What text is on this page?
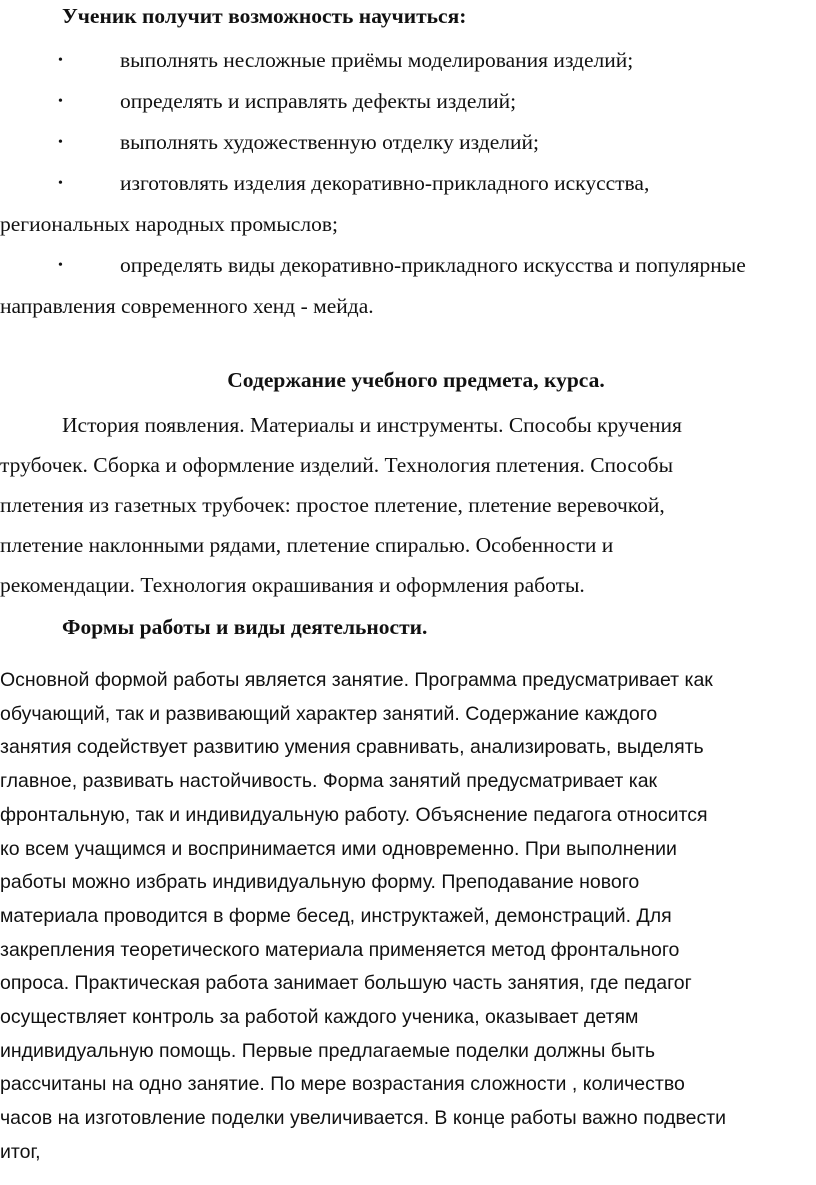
Ученик получит возможность научиться:
•	выполнять несложные приёмы моделирования изделий;
•	определять и исправлять дефекты изделий;
•	выполнять художественную отделку изделий;
•	изготовлять изделия декоративно-прикладного искусства,
региональных народных промыслов;
•	определять виды декоративно-прикладного искусства и популярные
направления современного хенд - мейда.
Содержание учебного предмета, курса.

История появления. Материалы и инструменты. Способы кручения
трубочек. Сборка и оформление изделий. Технология плетения. Способы
плетения из газетных трубочек: простое плетение, плетение веревочкой,
плетение наклонными рядами, плетение спиралью. Особенности и
рекомендации. Технология окрашивания и оформления работы.

Формы работы и виды деятельности.

Основной формой работы является занятие. Программа предусматривает как
обучающий, так и развивающий характер занятий. Содержание каждого
занятия содействует развитию умения сравнивать, анализировать, выделять
главное, развивать настойчивость. Форма занятий предусматривает как
фронтальную, так и индивидуальную работу. Объяснение педагога относится
ко всем учащимся и воспринимается ими одновременно. При выполнении
работы можно избрать индивидуальную форму. Преподавание нового
материала проводится в форме бесед, инструктажей, демонстраций. Для
закрепления теоретического материала применяется метод фронтального
опроса. Практическая работа занимает большую часть занятия, где педагог
осуществляет контроль за работой каждого ученика, оказывает детям
индивидуальную помощь. Первые предлагаемые поделки должны быть
рассчитаны на одно занятие. По мере возрастания сложности , количество
часов на изготовление поделки увеличивается. В конце работы важно подвести
итог,
